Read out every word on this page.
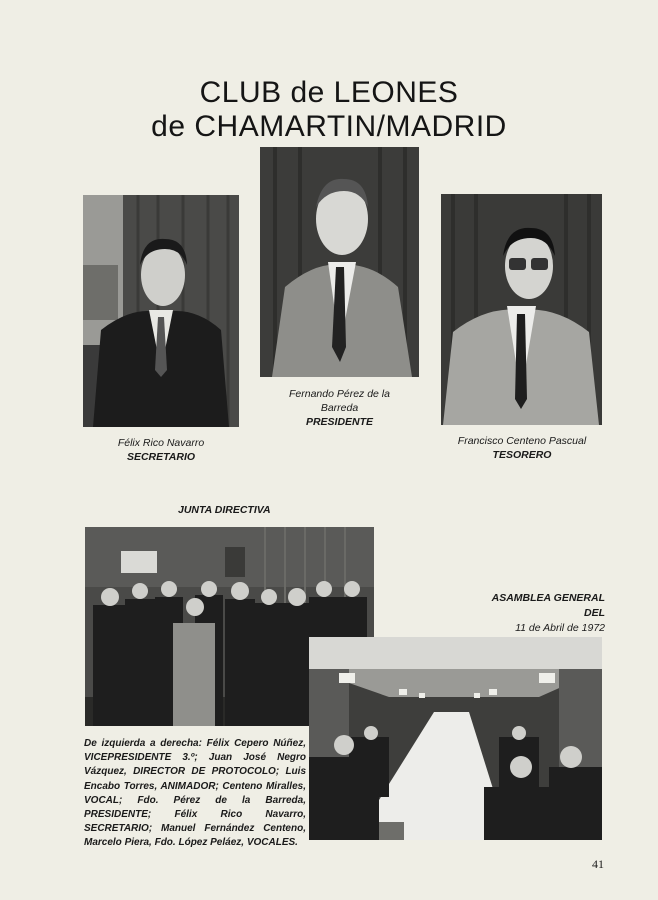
CLUB de LEONES
de CHAMARTIN/MADRID
Félix Rico Navarro
SECRETARIO
Fernando Pérez de la
Barreda
PRESIDENTE
Francisco Centeno Pascual
TESORERO
JUNTA DIRECTIVA
ASAMBLEA GENERAL
DEL
11 de Abril de 1972
De izquierda a derecha: Félix Cepero Núñez, VICEPRESIDENTE 3.º; Juan José Negro Vázquez, DIRECTOR DE PROTOCOLO; Luis Encabo Torres, ANIMADOR; Centeno Miralles, VOCAL; Fdo. Pérez de la Barreda, PRESIDENTE; Félix Rico Navarro, SECRETARIO; Manuel Fernández Centeno, Marcelo Piera, Fdo. López Peláez, VOCALES.
41
